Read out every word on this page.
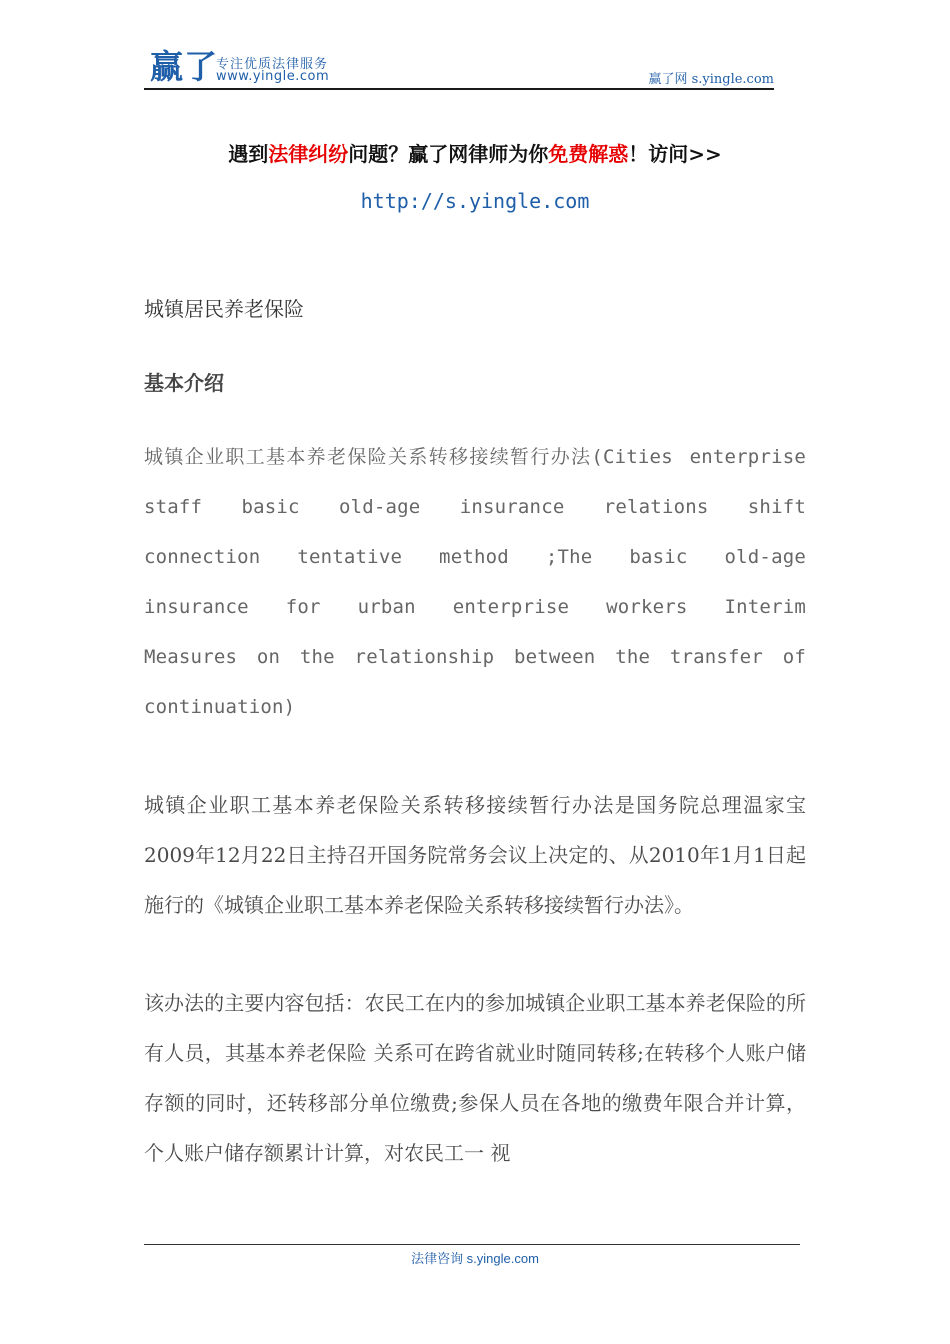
赢了
专注优质法律服务
www.yingle.com	赢了网 s.yingle.com
遇到法律纠纷问题？赢了网律师为你免费解惑！访问>>
http://s.yingle.com

城镇居民养老保险

基本介绍

城镇企业职工基本养老保险关系转移接续暂行办法(Cities enterprise staff basic old-age insurance relations shift connection tentative method ;The basic old-age insurance for urban enterprise workers Interim Measures on the relationship between the transfer of continuation)

城镇企业职工基本养老保险关系转移接续暂行办法是国务院总理温家宝2009年12月22日主持召开国务院常务会议上决定的、从2010年1月1日起施行的《城镇企业职工基本养老保险关系转移接续暂行办法》。

该办法的主要内容包括：农民工在内的参加城镇企业职工基本养老保险的所有人员，其基本养老保险 关系可在跨省就业时随同转移;在转移个人账户储存额的同时，还转移部分单位缴费;参保人员在各地的缴费年限合并计算，个人账户储存额累计计算，对农民工一 视

法律咨询 s.yingle.com
